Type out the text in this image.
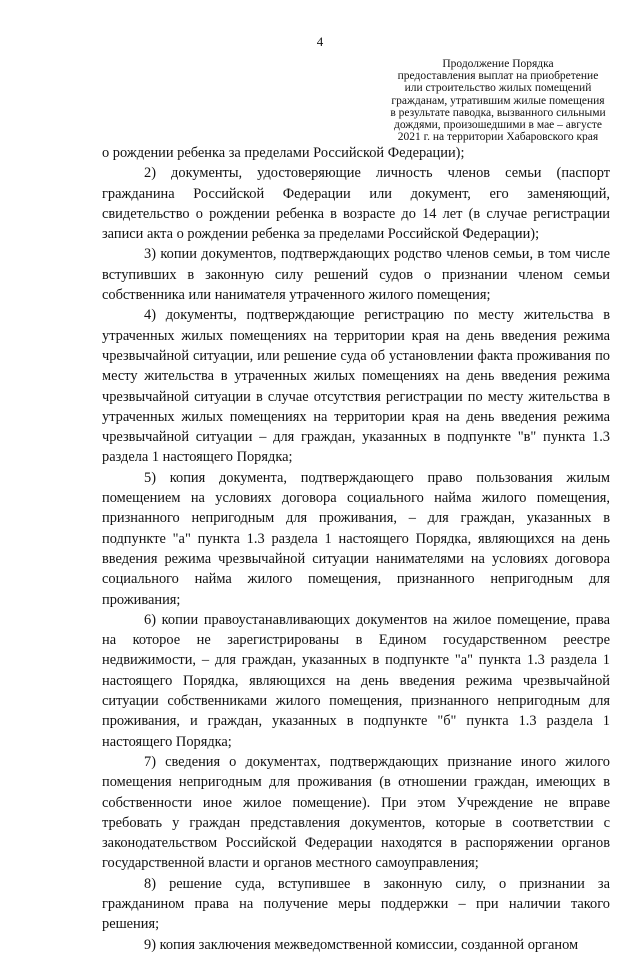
4
Продолжение Порядка
предоставления выплат на приобретение
или строительство жилых помещений
гражданам, утратившим жилые помещения
в результате паводка, вызванного сильными
дождями, произошедшими в мае – августе
2021 г. на территории Хабаровского края

о рождении ребенка за пределами Российской Федерации);

2) документы, удостоверяющие личность членов семьи (паспорт гражданина Российской Федерации или документ, его заменяющий, свидетельство о рождении ребенка в возрасте до 14 лет (в случае регистрации записи акта о рождении ребенка за пределами Российской Федерации);

3) копии документов, подтверждающих родство членов семьи, в том числе вступивших в законную силу решений судов о признании членом семьи собственника или нанимателя утраченного жилого помещения;

4) документы, подтверждающие регистрацию по месту жительства в утраченных жилых помещениях на территории края на день введения режима чрезвычайной ситуации, или решение суда об установлении факта проживания по месту жительства в утраченных жилых помещениях на день введения режима чрезвычайной ситуации в случае отсутствия регистрации по месту жительства в утраченных жилых помещениях на территории края на день введения режима чрезвычайной ситуации – для граждан, указанных в подпункте "в" пункта 1.3 раздела 1 настоящего Порядка;

5) копия документа, подтверждающего право пользования жилым помещением на условиях договора социального найма жилого помещения, признанного непригодным для проживания, – для граждан, указанных в подпункте "а" пункта 1.3 раздела 1 настоящего Порядка, являющихся на день введения режима чрезвычайной ситуации нанимателями на условиях договора социального найма жилого помещения, признанного непригодным для проживания;

6) копии правоустанавливающих документов на жилое помещение, права на которое не зарегистрированы в Едином государственном реестре недвижимости, – для граждан, указанных в подпункте "а" пункта 1.3 раздела 1 настоящего Порядка, являющихся на день введения режима чрезвычайной ситуации собственниками жилого помещения, признанного непригодным для проживания, и граждан, указанных в подпункте "б" пункта 1.3 раздела 1 настоящего Порядка;

7) сведения о документах, подтверждающих признание иного жилого помещения непригодным для проживания (в отношении граждан, имеющих в собственности иное жилое помещение). При этом Учреждение не вправе требовать у граждан представления документов, которые в соответствии с законодательством Российской Федерации находятся в распоряжении органов государственной власти и органов местного самоуправления;

8) решение суда, вступившее в законную силу, о признании за гражданином права на получение меры поддержки – при наличии такого решения;

9) копия заключения межведомственной комиссии, созданной органом
